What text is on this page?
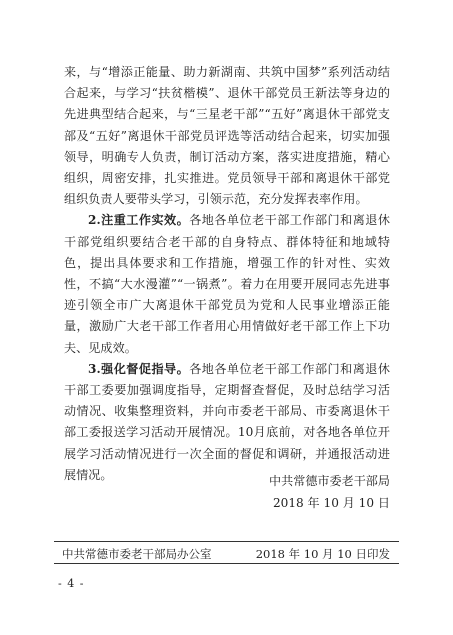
来，与“增添正能量、助力新湖南、共筑中国梦”系列活动结合起来，与学习“扶贫楷模”、退休干部党员王新法等身边的先进典型结合起来，与“三星老干部”“五好”离退休干部党支部及“五好”离退休干部党员评选等活动结合起来，切实加强领导，明确专人负责，制订活动方案，落实进度措施，精心组织，周密安排，扎实推进。党员领导干部和离退休干部党组织负责人要带头学习，引领示范，充分发挥表率作用。

2.注重工作实效。各地各单位老干部工作部门和离退休干部党组织要结合老干部的自身特点、群体特征和地域特色，提出具体要求和工作措施，增强工作的针对性、实效性，不搞“大水漫灌”“一锅煮”。着力在用要开展同志先进事迹引领全市广大离退休干部党员为党和人民事业增添正能量，激励广大老干部工作者用心用情做好老干部工作上下功夫、见成效。

3.强化督促指导。各地各单位老干部工作部门和离退休干部工委要加强调度指导，定期督查督促，及时总结学习活动情况、收集整理资料，并向市委老干部局、市委离退休干部工委报送学习活动开展情况。10月底前，对各地各单位开展学习活动情况进行一次全面的督促和调研，并通报活动进展情况。	中共常德市委老干部局
2018 年 10 月 10 日
中共常德市委老干部局办公室	2018 年 10 月 10 日印发
- 4 -
